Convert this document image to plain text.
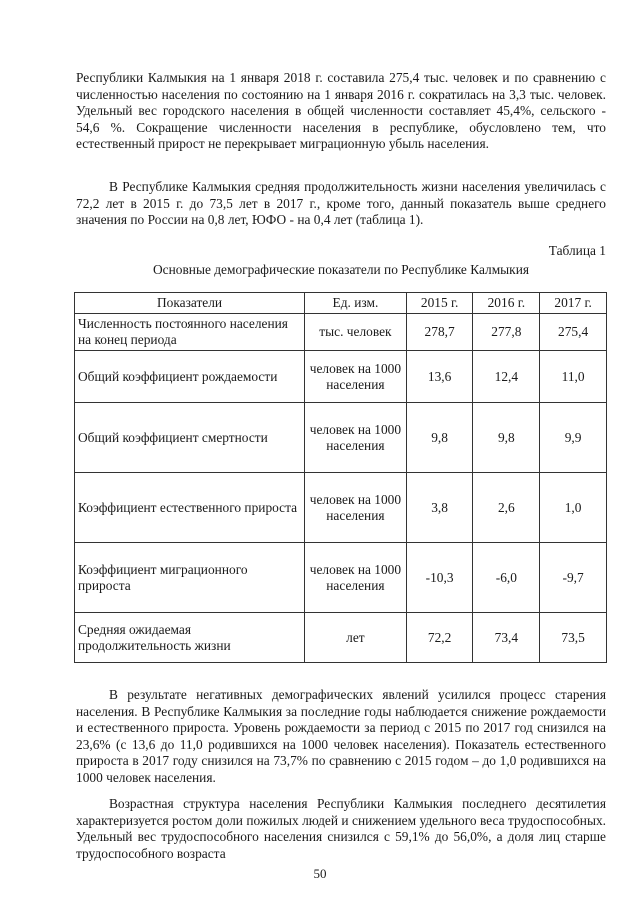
Республики Калмыкия на 1 января 2018 г. составила 275,4 тыс. человек и по сравнению с численностью населения по состоянию на 1 января 2016 г. сократилась на 3,3 тыс. человек. Удельный вес городского населения в общей численности составляет 45,4%, сельского - 54,6 %. Сокращение численности населения в республике, обусловлено тем, что естественный прирост не перекрывает миграционную убыль населения.

В Республике Калмыкия средняя продолжительность жизни населения увеличилась с 72,2 лет в 2015 г. до 73,5 лет в 2017 г., кроме того, данный показатель выше среднего значения по России на 0,8 лет, ЮФО - на 0,4 лет (таблица 1).

Таблица 1
Основные демографические показатели по Республике Калмыкия
Показатели	Ед. изм.	2015 г.	2016 г.	2017 г.
Численность постоянного населения на конец периода	тыс. человек	278,7	277,8	275,4
Общий коэффициент рождаемости	человек на 1000 населения	13,6	12,4	11,0
Общий коэффициент смертности	человек на 1000 населения	9,8	9,8	9,9
Коэффициент естественного прироста	человек на 1000 населения	3,8	2,6	1,0
Коэффициент миграционного прироста	человек на 1000 населения	-10,3	-6,0	-9,7
Средняя ожидаемая продолжительность жизни	лет	72,2	73,4	73,5

В результате негативных демографических явлений усилился процесс старения населения. В Республике Калмыкия за последние годы наблюдается снижение рождаемости и естественного прироста. Уровень рождаемости за период с 2015 по 2017 год снизился на 23,6% (с 13,6 до 11,0 родившихся на 1000 человек населения). Показатель естественного прироста в 2017 году снизился на 73,7% по сравнению с 2015 годом – до 1,0 родившихся на 1000 человек населения.

Возрастная структура населения Республики Калмыкия последнего десятилетия характеризуется ростом доли пожилых людей и снижением удельного веса трудоспособных. Удельный вес трудоспособного населения снизился с 59,1% до 56,0%, а доля лиц старше трудоспособного возраста

50
